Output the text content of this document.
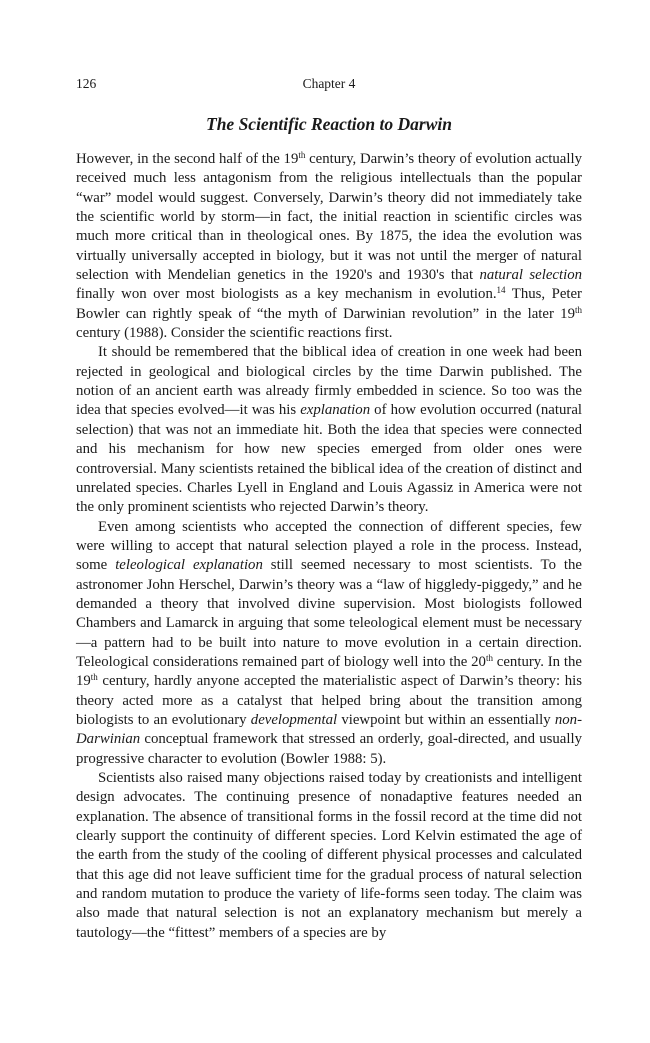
126	Chapter 4
The Scientific Reaction to Darwin

However, in the second half of the 19th century, Darwin’s theory of evolution actually received much less antagonism from the religious intellectuals than the popular “war” model would suggest. Conversely, Darwin’s theory did not immediately take the scientific world by storm—in fact, the initial reaction in scientific circles was much more critical than in theological ones. By 1875, the idea the evolution was virtually universally accepted in biology, but it was not until the merger of natural selection with Mendelian genetics in the 1920's and 1930's that natural selection finally won over most biologists as a key mechanism in evolution.$^{14}$ Thus, Peter Bowler can rightly speak of “the myth of Darwinian revolution” in the later 19th century (1988). Consider the scientific reactions first.

It should be remembered that the biblical idea of creation in one week had been rejected in geological and biological circles by the time Darwin published. The notion of an ancient earth was already firmly embedded in science. So too was the idea that species evolved—it was his explanation of how evolution occurred (natural selection) that was not an immediate hit. Both the idea that species were connected and his mechanism for how new species emerged from older ones were controversial. Many scientists retained the biblical idea of the creation of distinct and unrelated species. Charles Lyell in England and Louis Agassiz in America were not the only prominent scientists who rejected Darwin’s theory.

Even among scientists who accepted the connection of different species, few were willing to accept that natural selection played a role in the process. Instead, some teleological explanation still seemed necessary to most scientists. To the astronomer John Herschel, Darwin’s theory was a “law of higgledy-piggedy,” and he demanded a theory that involved divine supervision. Most biologists followed Chambers and Lamarck in arguing that some teleological element must be necessary—a pattern had to be built into nature to move evolution in a certain direction. Teleological considerations remained part of biology well into the 20th century. In the 19th century, hardly anyone accepted the materialistic aspect of Darwin’s theory: his theory acted more as a catalyst that helped bring about the transition among biologists to an evolutionary developmental viewpoint but within an essentially non-Darwinian conceptual framework that stressed an orderly, goal-directed, and usually progressive character to evolution (Bowler 1988: 5).

Scientists also raised many objections raised today by creationists and intelligent design advocates. The continuing presence of nonadaptive features needed an explanation. The absence of transitional forms in the fossil record at the time did not clearly support the continuity of different species. Lord Kelvin estimated the age of the earth from the study of the cooling of different physical processes and calculated that this age did not leave sufficient time for the gradual process of natural selection and random mutation to produce the variety of life-forms seen today. The claim was also made that natural selection is not an explanatory mechanism but merely a tautology—the “fittest” members of a species are by
